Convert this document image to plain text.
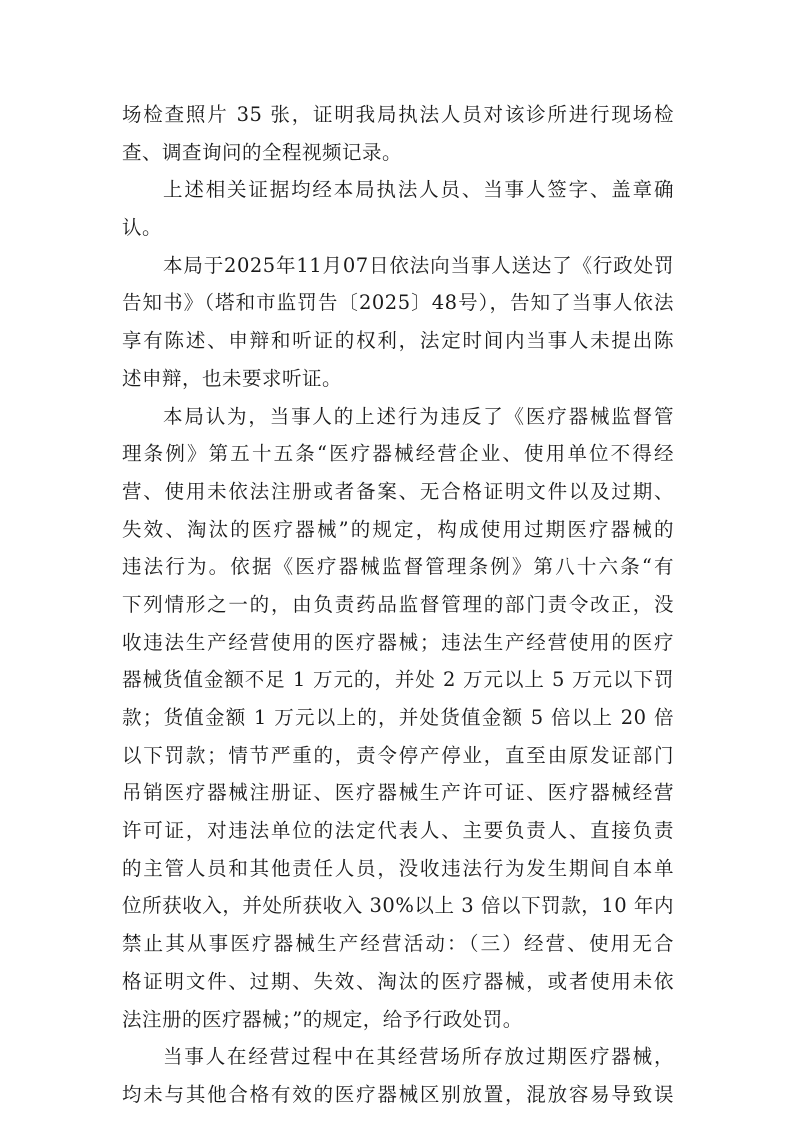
场检查照片 35 张，证明我局执法人员对该诊所进行现场检
查、调查询问的全程视频记录。
上述相关证据均经本局执法人员、当事人签字、盖章确
认。
本局于2025年11月07日依法向当事人送达了《行政处罚
告知书》（塔和市监罚告〔2025〕48号），告知了当事人依法
享有陈述、申辩和听证的权利，法定时间内当事人未提出陈
述申辩，也未要求听证。
本局认为，当事人的上述行为违反了《医疗器械监督管
理条例》第五十五条“医疗器械经营企业、使用单位不得经
营、使用未依法注册或者备案、无合格证明文件以及过期、
失效、淘汰的医疗器械”的规定，构成使用过期医疗器械的
违法行为。依据《医疗器械监督管理条例》第八十六条“有
下列情形之一的，由负责药品监督管理的部门责令改正，没
收违法生产经营使用的医疗器械；违法生产经营使用的医疗
器械货值金额不足 1 万元的，并处 2 万元以上 5 万元以下罚
款；货值金额 1 万元以上的，并处货值金额 5 倍以上 20 倍
以下罚款；情节严重的，责令停产停业，直至由原发证部门
吊销医疗器械注册证、医疗器械生产许可证、医疗器械经营
许可证，对违法单位的法定代表人、主要负责人、直接负责
的主管人员和其他责任人员，没收违法行为发生期间自本单
位所获收入，并处所获收入 30%以上 3 倍以下罚款，10 年内
禁止其从事医疗器械生产经营活动：（三）经营、使用无合
格证明文件、过期、失效、淘汰的医疗器械，或者使用未依
法注册的医疗器械；”的规定，给予行政处罚。
当事人在经营过程中在其经营场所存放过期医疗器械，
均未与其他合格有效的医疗器械区别放置，混放容易导致误
